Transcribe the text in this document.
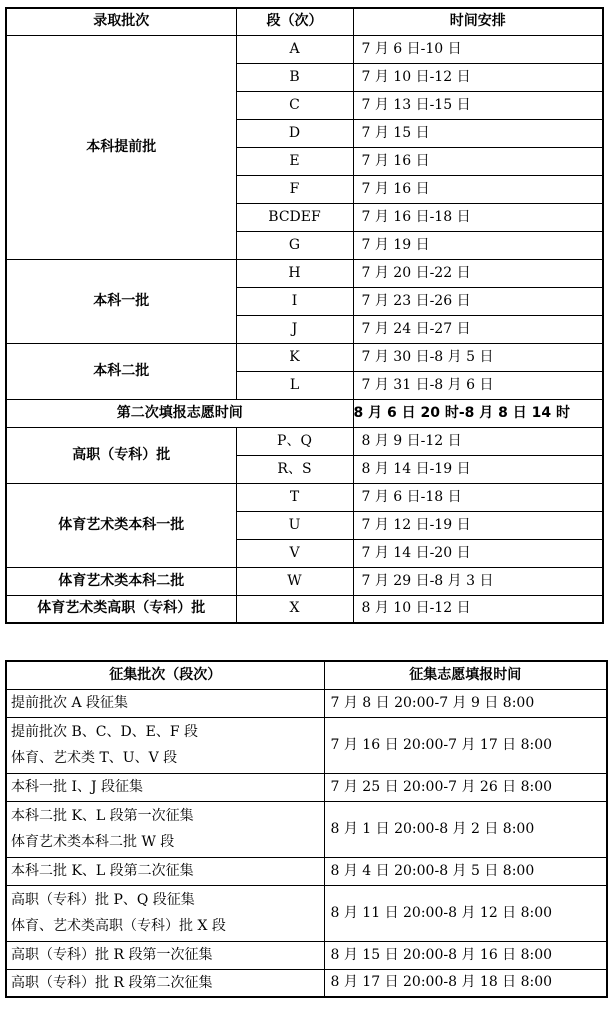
录取批次	段（次）	时间安排
本科提前批	A	7 月 6 日-10 日
	B	7 月 10 日-12 日
	C	7 月 13 日-15 日
	D	7 月 15 日
	E	7 月 16 日
	F	7 月 16 日
	BCDEF	7 月 16 日-18 日
	G	7 月 19 日
本科一批	H	7 月 20 日-22 日
	I	7 月 23 日-26 日
	J	7 月 24 日-27 日
本科二批	K	7 月 30 日-8 月 5 日
	L	7 月 31 日-8 月 6 日
第二次填报志愿时间		8 月 6 日 20 时-8 月 8 日 14 时
高职（专科）批	P、Q	8 月 9 日-12 日
	R、S	8 月 14 日-19 日
体育艺术类本科一批	T	7 月 6 日-18 日
	U	7 月 12 日-19 日
	V	7 月 14 日-20 日
体育艺术类本科二批	W	7 月 29 日-8 月 3 日
体育艺术类高职（专科）批	X	8 月 10 日-12 日
征集批次（段次）	征集志愿填报时间

提前批次 A 段征集	7 月 8 日 20:00-7 月 9 日 8:00

提前批次 B、C、D、E、F 段
体育、艺术类 T、U、V 段	7 月 16 日 20:00-7 月 17 日 8:00

本科一批 I、J 段征集	7 月 25 日 20:00-7 月 26 日 8:00

本科二批 K、L 段第一次征集
体育艺术类本科二批 W 段	8 月 1 日 20:00-8 月 2 日 8:00

本科二批 K、L 段第二次征集	8 月 4 日 20:00-8 月 5 日 8:00

高职（专科）批 P、Q 段征集
体育、艺术类高职（专科）批 X 段	8 月 11 日 20:00-8 月 12 日 8:00

高职（专科）批 R 段第一次征集	8 月 15 日 20:00-8 月 16 日 8:00

高职（专科）批 R 段第二次征集	8 月 17 日 20:00-8 月 18 日 8:00
